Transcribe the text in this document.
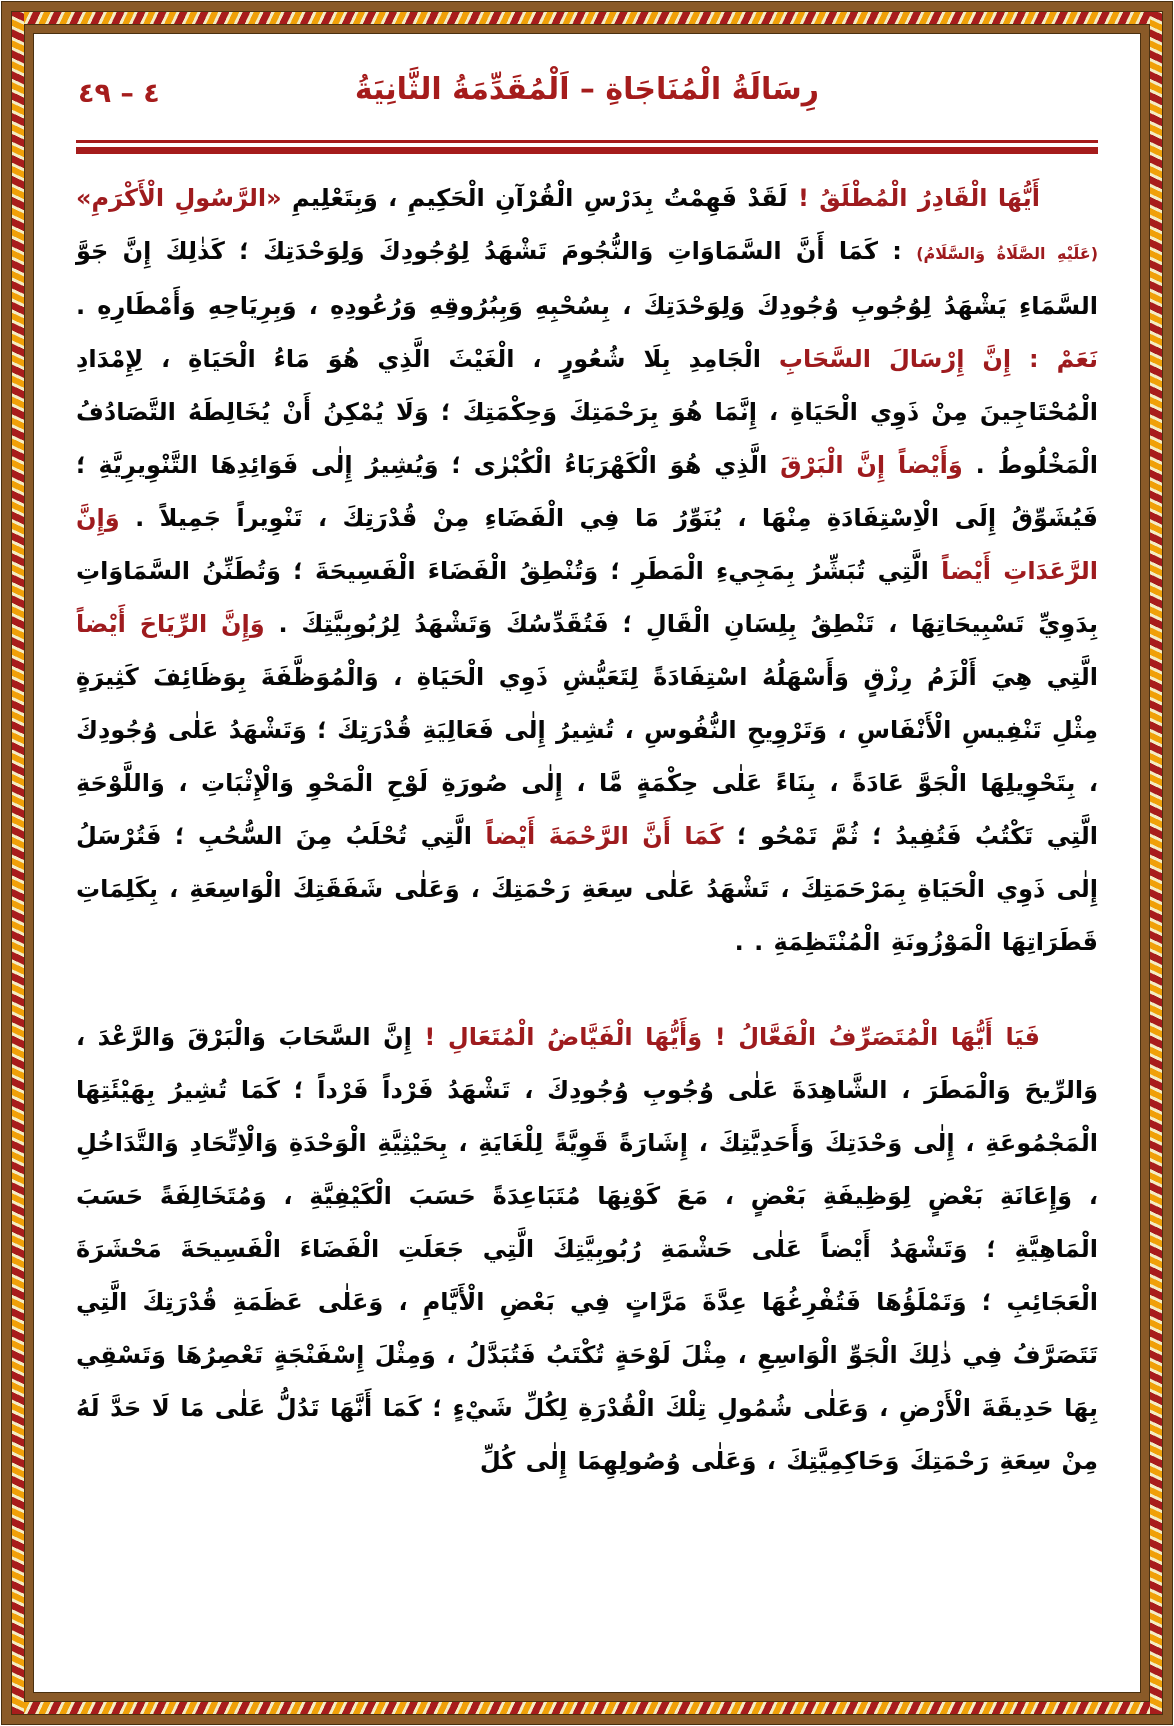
٤ – ٤٩	رِسَالَةُ الْمُنَاجَاةِ – اَلْمُقَدِّمَةُ الثَّانِيَةُ

أَيُّهَا الْقَادِرُ الْمُطْلَقُ ! لَقَدْ فَهِمْتُ بِدَرْسِ الْقُرْآنِ الْحَكِيمِ ، وَبِتَعْلِيمِ «الرَّسُولِ الْأَكْرَمِ» (عَلَيْهِ الصَّلَاةُ وَالسَّلَامُ) : كَمَا أَنَّ السَّمَاوَاتِ وَالنُّجُومَ تَشْهَدُ لِوُجُودِكَ وَلِوَحْدَتِكَ ؛ كَذٰلِكَ إِنَّ جَوَّ السَّمَاءِ يَشْهَدُ لِوُجُوبِ وُجُودِكَ وَلِوَحْدَتِكَ ، بِسُحْبِهِ وَبِبُرُوقِهِ وَرُعُودِهِ ، وَبِرِيَاحِهِ وَأَمْطَارِهِ . نَعَمْ : إِنَّ إِرْسَالَ السَّحَابِ الْجَامِدِ بِلَا شُعُورٍ ، الْغَيْثَ الَّذِي هُوَ مَاءُ الْحَيَاةِ ، لِإِمْدَادِ الْمُحْتَاجِينَ مِنْ ذَوِي الْحَيَاةِ ، إِنَّمَا هُوَ بِرَحْمَتِكَ وَحِكْمَتِكَ ؛ وَلَا يُمْكِنُ أَنْ يُخَالِطَهُ التَّصَادُفُ الْمَخْلُوطُ . وَأَيْضاً إِنَّ الْبَرْقَ الَّذِي هُوَ الْكَهْرَبَاءُ الْكُبْرٰى ؛ وَيُشِيرُ إِلٰى فَوَائِدِهَا التَّنْوِيرِيَّةِ ؛ فَيُشَوِّقُ إِلَى الْاِسْتِفَادَةِ مِنْهَا ، يُنَوِّرُ مَا فِي الْفَضَاءِ مِنْ قُدْرَتِكَ ، تَنْوِيراً جَمِيلاً . وَإِنَّ الرَّعَدَاتِ أَيْضاً الَّتِي تُبَشِّرُ بِمَجِيءِ الْمَطَرِ ؛ وَتُنْطِقُ الْفَضَاءَ الْفَسِيحَةَ ؛ وَتُطَنِّنُ السَّمَاوَاتِ بِدَوِيِّ تَسْبِيحَاتِهَا ، تَنْطِقُ بِلِسَانِ الْقَالِ ؛ فَتُقَدِّسُكَ وَتَشْهَدُ لِرُبُوبِيَّتِكَ . وَإِنَّ الرِّيَاحَ أَيْضاً الَّتِي هِيَ أَلْزَمُ رِزْقٍ وَأَسْهَلُهُ اسْتِفَادَةً لِتَعَيُّشِ ذَوِي الْحَيَاةِ ، وَالْمُوَظَّفَةَ بِوَظَائِفَ كَثِيرَةٍ مِثْلِ تَنْفِيسِ الْأَنْفَاسِ ، وَتَرْوِيحِ النُّفُوسِ ، تُشِيرُ إِلٰى فَعَالِيَةِ قُدْرَتِكَ ؛ وَتَشْهَدُ عَلٰى وُجُودِكَ ، بِتَحْوِيلِهَا الْجَوَّ عَادَةً ، بِنَاءً عَلٰى حِكْمَةٍ مَّا ، إِلٰى صُورَةِ لَوْحِ الْمَحْوِ وَالْإِثْبَاتِ ، وَاللَّوْحَةِ الَّتِي تَكْتُبُ فَتُفِيدُ ؛ ثُمَّ تَمْحُو ؛ كَمَا أَنَّ الرَّحْمَةَ أَيْضاً الَّتِي تُحْلَبُ مِنَ السُّحُبِ ؛ فَتُرْسَلُ إِلٰى ذَوِي الْحَيَاةِ بِمَرْحَمَتِكَ ، تَشْهَدُ عَلٰى سِعَةِ رَحْمَتِكَ ، وَعَلٰى شَفَقَتِكَ الْوَاسِعَةِ ، بِكَلِمَاتِ قَطَرَاتِهَا الْمَوْزُونَةِ الْمُنْتَظِمَةِ . .

فَيَا أَيُّهَا الْمُتَصَرِّفُ الْفَعَّالُ ! وَأَيُّهَا الْفَيَّاضُ الْمُتَعَالِ ! إِنَّ السَّحَابَ وَالْبَرْقَ وَالرَّعْدَ ، وَالرِّيحَ وَالْمَطَرَ ، الشَّاهِدَةَ عَلٰى وُجُوبِ وُجُودِكَ ، تَشْهَدُ فَرْداً فَرْداً ؛ كَمَا تُشِيرُ بِهَيْئَتِهَا الْمَجْمُوعَةِ ، إِلٰى وَحْدَتِكَ وَأَحَدِيَّتِكَ ، إِشَارَةً قَوِيَّةً لِلْغَايَةِ ، بِحَيْثِيَّةِ الْوَحْدَةِ وَالْاِتِّحَادِ وَالتَّدَاخُلِ ، وَإِعَانَةِ بَعْضٍ لِوَظِيفَةِ بَعْضٍ ، مَعَ كَوْنِهَا مُتَبَاعِدَةً حَسَبَ الْكَيْفِيَّةِ ، وَمُتَخَالِفَةً حَسَبَ الْمَاهِيَّةِ ؛ وَتَشْهَدُ أَيْضاً عَلٰى حَشْمَةِ رُبُوبِيَّتِكَ الَّتِي جَعَلَتِ الْفَضَاءَ الْفَسِيحَةَ مَحْشَرَةَ الْعَجَائِبِ ؛ وَتَمْلَؤُهَا فَتُفْرِغُهَا عِدَّةَ مَرَّاتٍ فِي بَعْضِ الْأَيَّامِ ، وَعَلٰى عَظَمَةِ قُدْرَتِكَ الَّتِي تَتَصَرَّفُ فِي ذٰلِكَ الْجَوِّ الْوَاسِعِ ، مِثْلَ لَوْحَةٍ تُكْتَبُ فَتُبَدَّلُ ، وَمِثْلَ إِسْفَنْجَةٍ تَعْصِرُهَا وَتَسْقِي بِهَا حَدِيقَةَ الْأَرْضِ ، وَعَلٰى شُمُولِ تِلْكَ الْقُدْرَةِ لِكُلِّ شَيْءٍ ؛ كَمَا أَنَّهَا تَدُلُّ عَلٰى مَا لَا حَدَّ لَهُ مِنْ سِعَةِ رَحْمَتِكَ وَحَاكِمِيَّتِكَ ، وَعَلٰى وُصُولِهِمَا إِلٰى كُلِّ
